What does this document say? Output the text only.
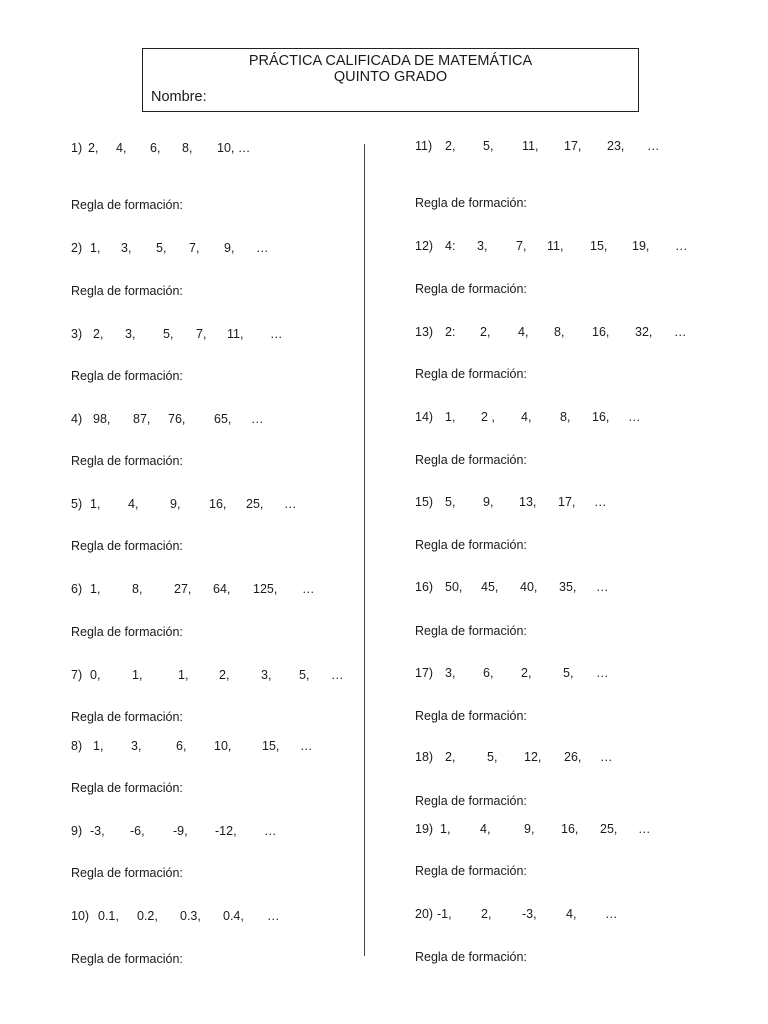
PRÁCTICA CALIFICADA DE MATEMÁTICA
QUINTO GRADO
Nombre:
1) 2, 4, 6, 8, 10, …
Regla de formación:
2) 1, 3, 5, 7, 9, …
Regla de formación:
3) 2, 3, 5, 7, 11, …
Regla de formación:
4) 98, 87, 76, 65, …
Regla de formación:
5) 1, 4,	9, 16, 25, …
Regla de formación:
6) 1,	8,	27, 64, 125, …
Regla de formación:
7) 0,	1,	1, 2,	3, 5, …
Regla de formación:
8) 1, 3,	6, 10, 15, …
Regla de formación:
9) -3, -6, -9, -12, …
Regla de formación:
10) 0.1, 0.2, 0.3, 0.4, …
Regla de formación:
11) 2, 5, 11, 17, 23, …
Regla de formación:
12) 4: 3, 7, 11, 15, 19, …
Regla de formación:
13) 2: 2, 4, 8, 16, 32, …
Regla de formación:
14) 1, 2 , 4, 8, 16, …
Regla de formación:
15) 5, 9, 13, 17, …
Regla de formación:
16) 50, 45, 40, 35, …
Regla de formación:
17) 3, 6, 2,	5, …
Regla de formación:
18) 2,	5, 12, 26, …
Regla de formación:
19) 1, 4,	9, 16, 25, …
Regla de formación:
20) -1, 2, -3, 4, …
Regla de formación:
